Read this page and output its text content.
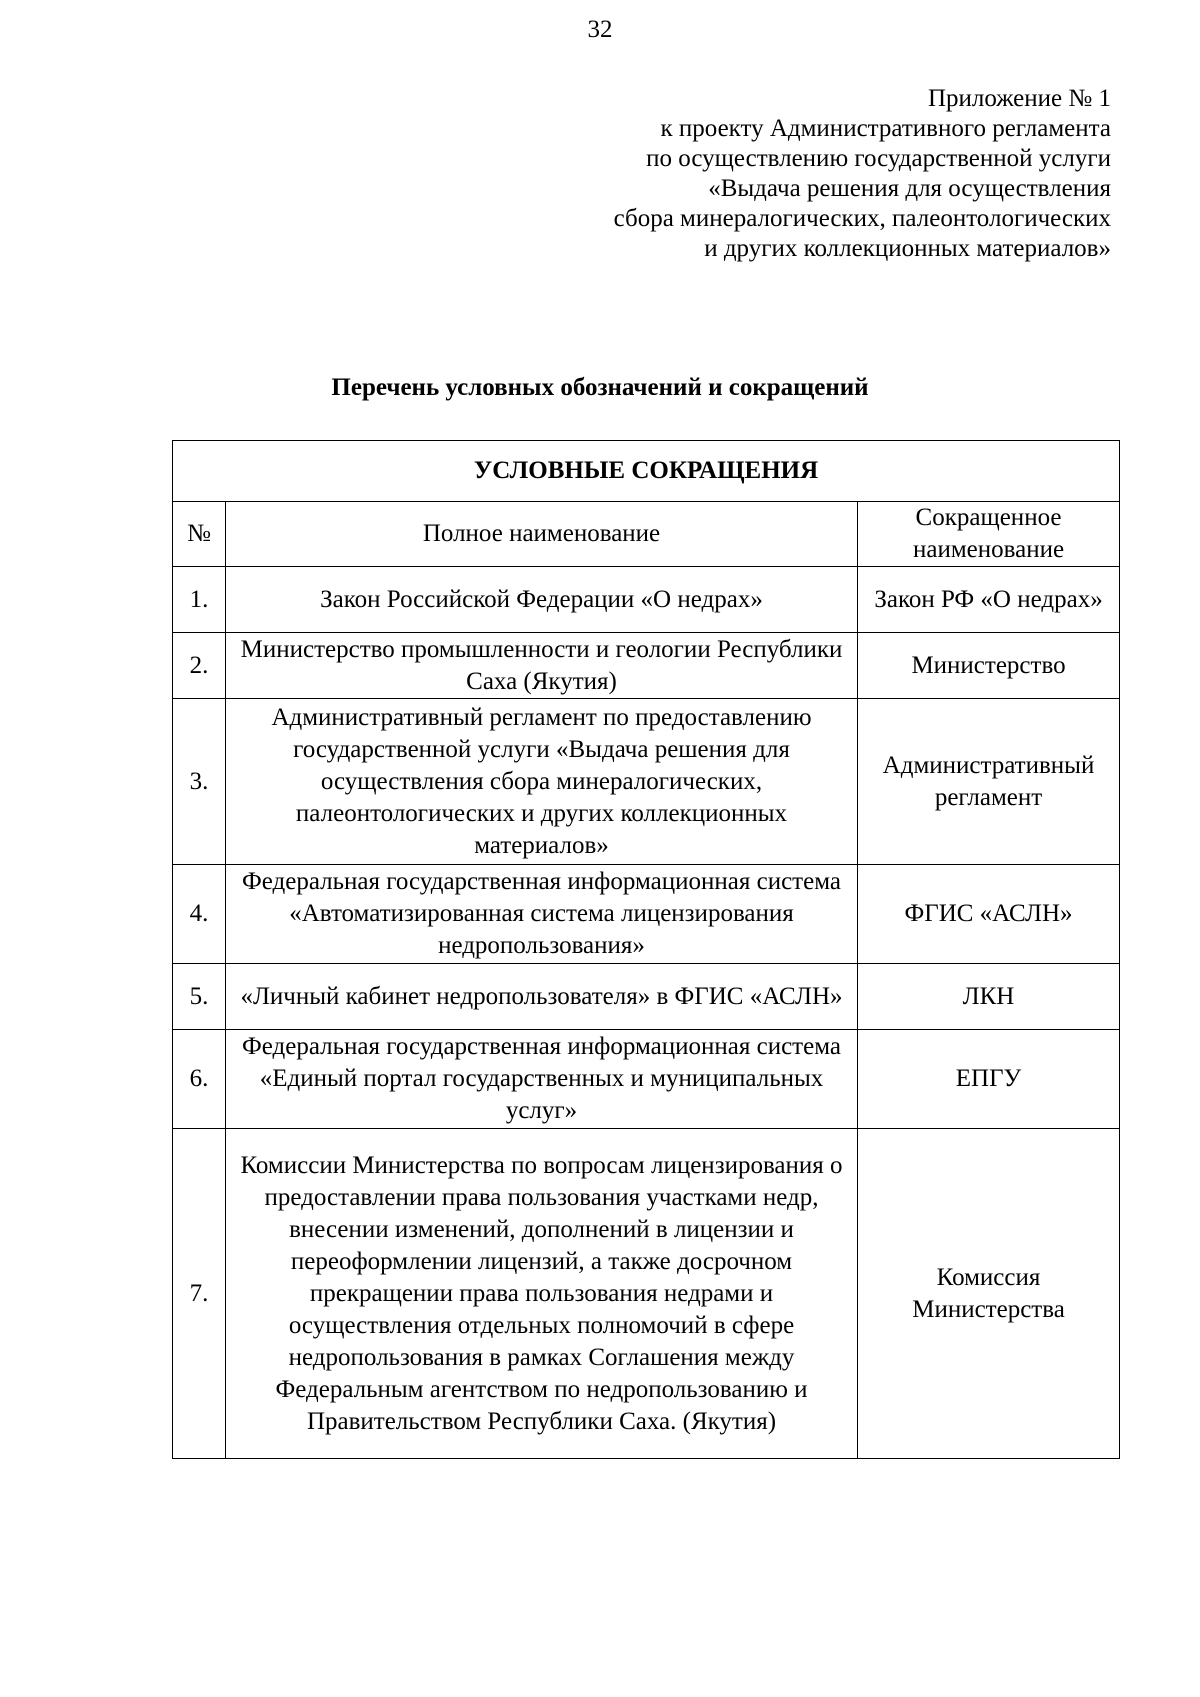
32
Приложение № 1
к проекту Административного регламента
по осуществлению государственной услуги
«Выдача решения для осуществления
сбора минералогических, палеонтологических
и других коллекционных материалов»
Перечень условных обозначений и сокращений
УСЛОВНЫЕ СОКРАЩЕНИЯ		
№	Полное наименование	Сокращенное наименование
1.	Закон Российской Федерации «О недрах»	Закон РФ «О недрах»
2.	Министерство промышленности и геологии Республики Саха (Якутия)	Министерство
3.	Административный регламент по предоставлению государственной услуги «Выдача решения для осуществления сбора минералогических, палеонтологических и других коллекционных материалов»	Административный регламент
4.	Федеральная государственная информационная система «Автоматизированная система лицензирования недропользования»	ФГИС «АСЛН»
5.	«Личный кабинет недропользователя» в ФГИС «АСЛН»	ЛКН
6.	Федеральная государственная информационная система «Единый портал государственных и муниципальных услуг»	ЕПГУ
7.	Комиссии Министерства по вопросам лицензирования о предоставлении права пользования участками недр, внесении изменений, дополнений в лицензии и переоформлении лицензий, а также досрочном прекращении права пользования недрами и осуществления отдельных полномочий в сфере недропользования в рамках Соглашения между Федеральным агентством по недропользованию и Правительством Республики Саха. (Якутия)	Комиссия Министерства
